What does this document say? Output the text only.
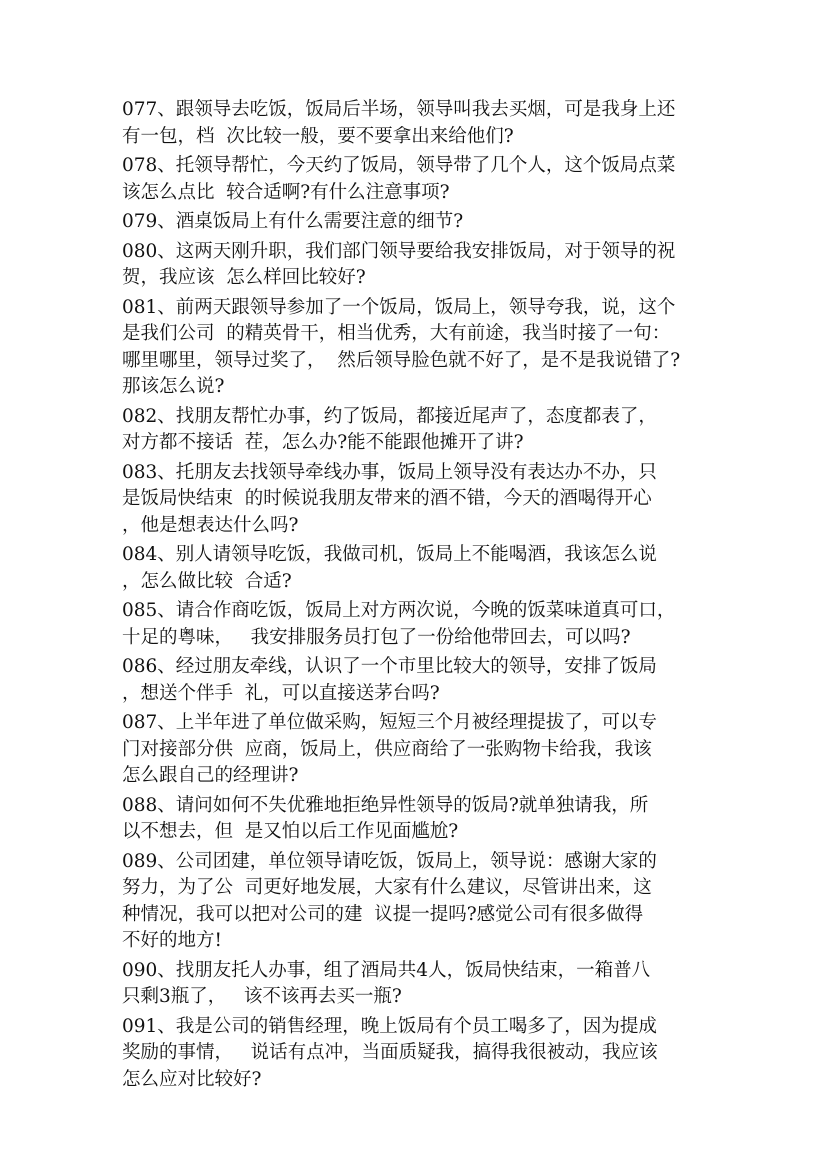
077、跟领导去吃饭，饭局后半场，领导叫我去买烟，可是我身上还
有一包，档  次比较一般，要不要拿出来给他们?
078、托领导帮忙，今天约了饭局，领导带了几个人，这个饭局点菜
该怎么点比  较合适啊?有什么注意事项?
079、酒桌饭局上有什么需要注意的细节?
080、这两天刚升职，我们部门领导要给我安排饭局，对于领导的祝
贺，我应该  怎么样回比较好?
081、前两天跟领导参加了一个饭局，饭局上，领导夸我，说，这个
是我们公司  的精英骨干，相当优秀，大有前途，我当时接了一句：
哪里哪里，领导过奖了，  然后领导脸色就不好了，是不是我说错了?
那该怎么说?
082、找朋友帮忙办事，约了饭局，都接近尾声了，态度都表了，
对方都不接话  茬，怎么办?能不能跟他摊开了讲?
083、托朋友去找领导牵线办事，饭局上领导没有表达办不办，只
是饭局快结束  的时候说我朋友带来的酒不错，今天的酒喝得开心
，他是想表达什么吗?
084、别人请领导吃饭，我做司机，饭局上不能喝酒，我该怎么说
，怎么做比较  合适?
085、请合作商吃饭，饭局上对方两次说，今晚的饭菜味道真可口，
十足的粤味，   我安排服务员打包了一份给他带回去，可以吗?
086、经过朋友牵线，认识了一个市里比较大的领导，安排了饭局
，想送个伴手  礼，可以直接送茅台吗?
087、上半年进了单位做采购，短短三个月被经理提拔了，可以专
门对接部分供  应商，饭局上，供应商给了一张购物卡给我，我该
怎么跟自己的经理讲?
088、请问如何不失优雅地拒绝异性领导的饭局?就单独请我，所
以不想去，但  是又怕以后工作见面尴尬?
089、公司团建，单位领导请吃饭，饭局上，领导说：感谢大家的
努力，为了公  司更好地发展，大家有什么建议，尽管讲出来，这
种情况，我可以把对公司的建  议提一提吗?感觉公司有很多做得
不好的地方!
090、找朋友托人办事，组了酒局共4人，饭局快结束，一箱普八
只剩3瓶了，   该不该再去买一瓶?
091、我是公司的销售经理，晚上饭局有个员工喝多了，因为提成
奖励的事情，   说话有点冲，当面质疑我，搞得我很被动，我应该
怎么应对比较好?
